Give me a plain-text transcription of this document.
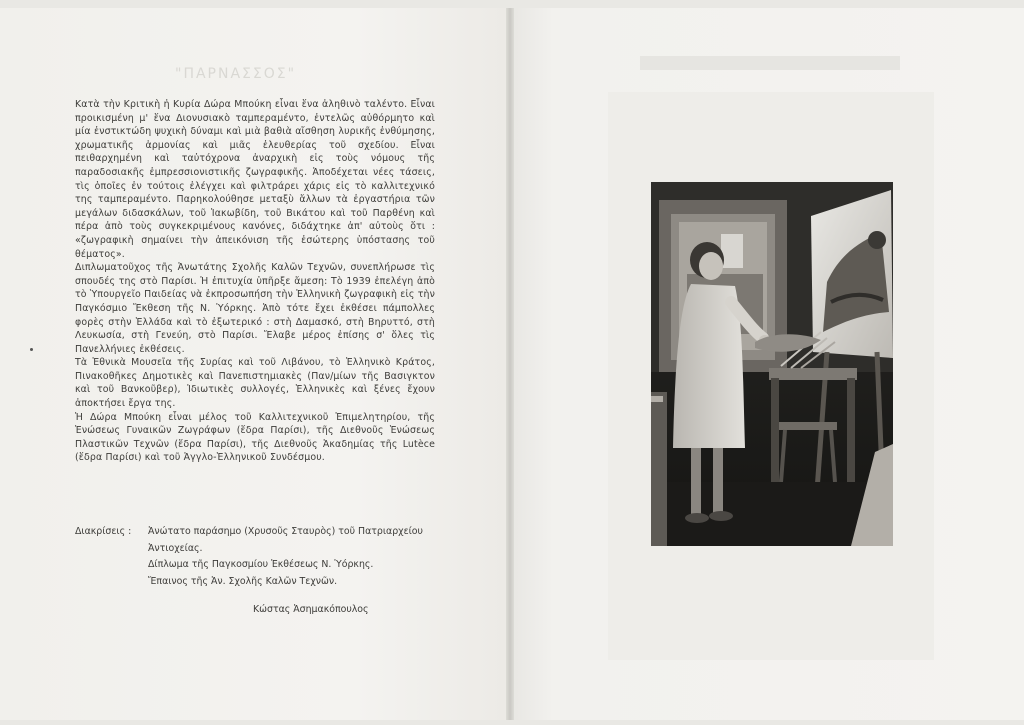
"ΠΑΡΝΑΣΣΟΣ"

Κατὰ τὴν Κριτικὴ ἡ Κυρία Δώρα Μπούκη εἶναι ἕνα ἀληθινὸ ταλέντο. Εἶναι προικισμένη μ' ἕνα Διονυσιακὸ ταμπεραμέντο, ἐντελῶς αὐθόρμητο καὶ μία ἐνστικτώδη ψυχικὴ δύναμι καὶ μιὰ βαθιὰ αἴσθηση λυρικῆς ἐνθύμησης, χρωματικῆς ἁρμονίας καὶ μιᾶς ἐλευθερίας τοῦ σχεδίου. Εἶναι πειθαρχημένη καὶ ταὐτόχρονα ἀναρχικὴ εἰς τοὺς νόμους τῆς παραδοσιακῆς ἐμπρεσσιονιστικῆς ζωγραφικῆς. Ἀποδέχεται νέες τάσεις, τὶς ὁποῖες ἐν τούτοις ἐλέγχει καὶ φιλτράρει χάρις εἰς τὸ καλλιτεχνικό της ταμπεραμέντο. Παρηκολούθησε μεταξὺ ἄλλων τὰ ἐργαστήρια τῶν μεγάλων διδασκάλων, τοῦ Ἰακωβίδη, τοῦ Βικάτου καὶ τοῦ Παρθένη καὶ πέρα ἀπὸ τοὺς συγκεκριμένους κανόνες, διδάχτηκε ἀπ' αὐτοὺς ὅτι : «ζωγραφικὴ σημαίνει τὴν ἀπεικόνιση τῆς ἐσώτερης ὑπόστασης τοῦ θέματος».

Διπλωματοῦχος τῆς Ἀνωτάτης Σχολῆς Καλῶν Τεχνῶν, συνεπλήρωσε τὶς σπουδές της στὸ Παρίσι. Ἡ ἐπιτυχία ὑπῆρξε ἄμεση: Τὸ 1939 ἐπελέγη ἀπὸ τὸ Ὑπουργεῖο Παιδείας νὰ ἐκπροσωπήση τὴν Ἑλληνικὴ ζωγραφικὴ εἰς τὴν Παγκόσμιο Ἔκθεση τῆς Ν. Ὑόρκης. Ἀπὸ τότε ἔχει ἐκθέσει πάμπολλες φορὲς στὴν Ἑλλάδα καὶ τὸ ἐξωτερικό : στὴ Δαμασκό, στὴ Βηρυττό, στὴ Λευκωσία, στὴ Γενεύη, στὸ Παρίσι. Ἔλαβε μέρος ἐπίσης σ' ὅλες τὶς Πανελλήνιες ἐκθέσεις.

Τὰ Ἐθνικὰ Μουσεῖα τῆς Συρίας καὶ τοῦ Λιβάνου, τὸ Ἑλληνικὸ Κράτος, Πινακοθῆκες Δημοτικὲς καὶ Πανεπιστημιακὲς (Παν/μίων τῆς Βασιγκτον καὶ τοῦ Βανκοῦβερ), Ἰδιωτικὲς συλλογές, Ἑλληνικὲς καὶ ξένες ἔχουν ἀποκτήσει ἔργα της.

Ἡ Δώρα Μπούκη εἶναι μέλος τοῦ Καλλιτεχνικοῦ Ἐπιμελητηρίου, τῆς Ἑνώσεως Γυναικῶν Ζωγράφων (ἕδρα Παρίσι), τῆς Διεθνοῦς Ἑνώσεως Πλαστικῶν Τεχνῶν (ἕδρα Παρίσι), τῆς Διεθνοῦς Ἀκαδημίας τῆς Lutèce (ἕδρα Παρίσι) καὶ τοῦ Ἀγγλο-Ἑλληνικοῦ Συνδέσμου.

Διακρίσεις :	Ἀνώτατο παράσημο (Χρυσοῦς Σταυρὸς) τοῦ Πατριαρχείου Ἀντιοχείας.
Δίπλωμα τῆς Παγκοσμίου Ἐκθέσεως Ν. Ὑόρκης.
Ἔπαινος τῆς Ἀν. Σχολῆς Καλῶν Τεχνῶν.
Κώστας Ἀσημακόπουλος
